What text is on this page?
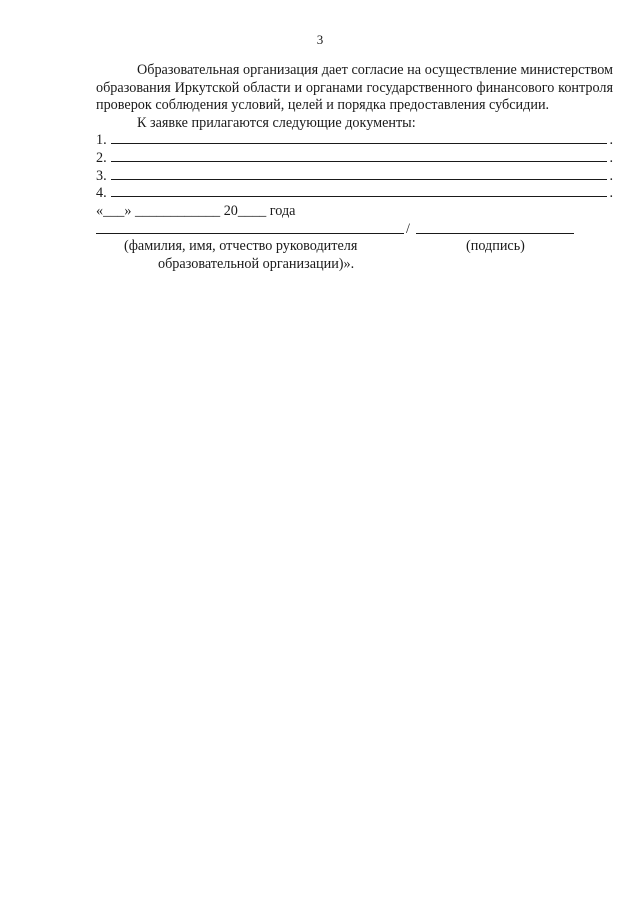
3

Образовательная организация дает согласие на осуществление министерством образования Иркутской области и органами государственного финансового контроля проверок соблюдения условий, целей и порядка предоставления субсидии.

К заявке прилагаются следующие документы:

1.	.
2.	.
3.	.
4.	.
«___» ____________ 20____ года
/
(фамилия, имя, отчество руководителя	(подпись)
образовательной организации)».
